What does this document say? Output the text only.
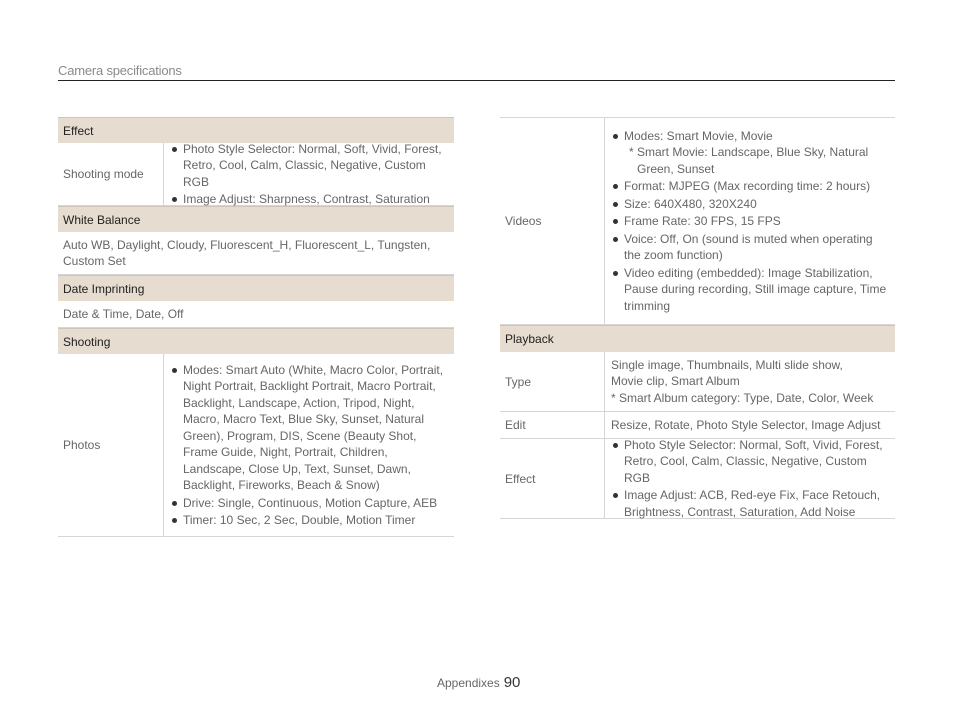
Camera specifications
Effect
Shooting mode
Photo Style Selector: Normal, Soft, Vivid, Forest, Retro, Cool, Calm, Classic, Negative, Custom RGB
Image Adjust: Sharpness, Contrast, Saturation
White Balance
Auto WB, Daylight, Cloudy, Fluorescent_H, Fluorescent_L, Tungsten, Custom Set
Date Imprinting
Date & Time, Date, Off
Shooting
Photos
Modes: Smart Auto (White, Macro Color, Portrait, Night Portrait, Backlight Portrait, Macro Portrait, Backlight, Landscape, Action, Tripod, Night, Macro, Macro Text, Blue Sky, Sunset, Natural Green), Program, DIS, Scene (Beauty Shot, Frame Guide, Night, Portrait, Children, Landscape, Close Up, Text, Sunset, Dawn, Backlight, Fireworks, Beach & Snow)
Drive: Single, Continuous, Motion Capture, AEB
Timer: 10 Sec, 2 Sec, Double, Motion Timer
Videos
Modes: Smart Movie, Movie
* Smart Movie: Landscape, Blue Sky, Natural Green, Sunset
Format: MJPEG (Max recording time: 2 hours)
Size: 640X480, 320X240
Frame Rate: 30 FPS, 15 FPS
Voice: Off, On (sound is muted when operating the zoom function)
Video editing (embedded): Image Stabilization, Pause during recording, Still image capture, Time trimming
Playback
Type
Single image, Thumbnails, Multi slide show,
Movie clip, Smart Album
* Smart Album category: Type, Date, Color, Week
Edit	Resize, Rotate, Photo Style Selector, Image Adjust
Effect
Photo Style Selector: Normal, Soft, Vivid, Forest, Retro, Cool, Calm, Classic, Negative, Custom RGB
Image Adjust: ACB, Red-eye Fix, Face Retouch, Brightness, Contrast, Saturation, Add Noise
Appendixes 90
